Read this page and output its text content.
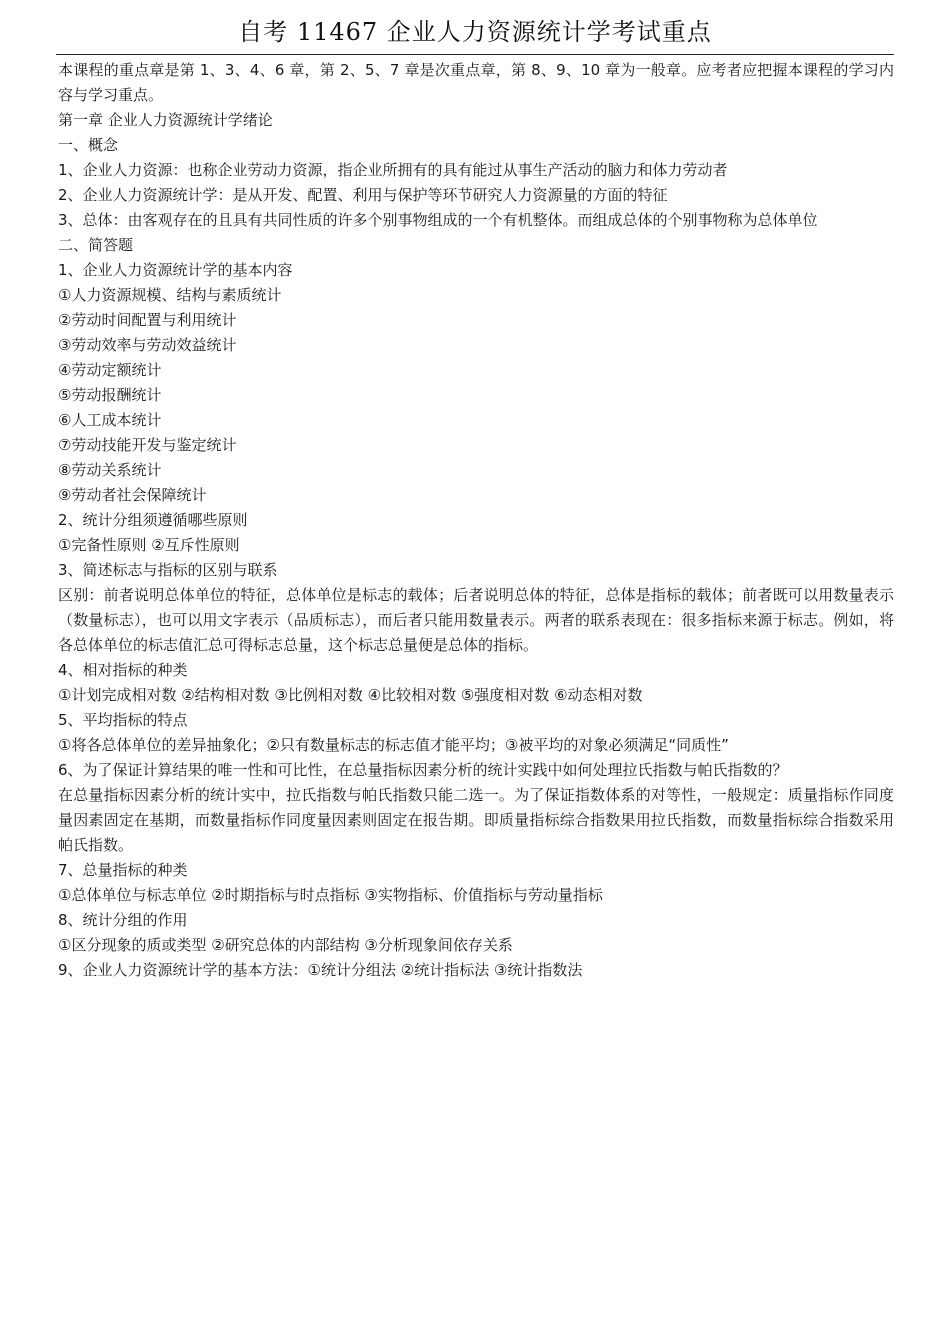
自考 11467 企业人力资源统计学考试重点
本课程的重点章是第 1、3、4、6 章，第 2、5、7 章是次重点章，第 8、9、10 章为一般章。应考者应把握本课程的学习内容与学习重点。
第一章 企业人力资源统计学绪论
一、概念
1、企业人力资源：也称企业劳动力资源，指企业所拥有的具有能过从事生产活动的脑力和体力劳动者
2、企业人力资源统计学：是从开发、配置、利用与保护等环节研究人力资源量的方面的特征
3、总体：由客观存在的且具有共同性质的许多个别事物组成的一个有机整体。而组成总体的个别事物称为总体单位
二、简答题
1、企业人力资源统计学的基本内容
①人力资源规模、结构与素质统计
②劳动时间配置与利用统计
③劳动效率与劳动效益统计
④劳动定额统计
⑤劳动报酬统计
⑥人工成本统计
⑦劳动技能开发与鉴定统计
⑧劳动关系统计
⑨劳动者社会保障统计
2、统计分组须遵循哪些原则
①完备性原则 ②互斥性原则
3、简述标志与指标的区别与联系
区别：前者说明总体单位的特征，总体单位是标志的载体；后者说明总体的特征，总体是指标的载体；前者既可以用数量表示（数量标志），也可以用文字表示（品质标志），而后者只能用数量表示。两者的联系表现在：很多指标来源于标志。例如，将各总体单位的标志值汇总可得标志总量，这个标志总量便是总体的指标。
4、相对指标的种类
①计划完成相对数 ②结构相对数 ③比例相对数 ④比较相对数 ⑤强度相对数 ⑥动态相对数
5、平均指标的特点
①将各总体单位的差异抽象化；②只有数量标志的标志值才能平均；③被平均的对象必须满足“同质性”
6、为了保证计算结果的唯一性和可比性，在总量指标因素分析的统计实践中如何处理拉氏指数与帕氏指数的？
在总量指标因素分析的统计实中，拉氏指数与帕氏指数只能二选一。为了保证指数体系的对等性，一般规定：质量指标作同度量因素固定在基期，而数量指标作同度量因素则固定在报告期。即质量指标综合指数果用拉氏指数，而数量指标综合指数采用帕氏指数。
7、总量指标的种类
①总体单位与标志单位 ②时期指标与时点指标 ③实物指标、价值指标与劳动量指标
8、统计分组的作用
①区分现象的质或类型 ②研究总体的内部结构 ③分析现象间依存关系
9、企业人力资源统计学的基本方法：①统计分组法 ②统计指标法 ③统计指数法
